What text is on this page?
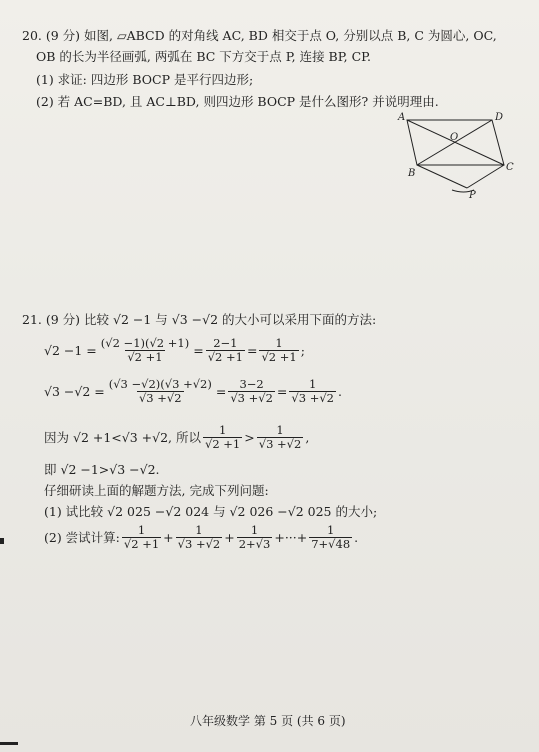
20. (9 分) 如图, ▱ABCD 的对角线 AC, BD 相交于点 O, 分别以点 B, C 为圆心, OC,
OB 的长为半径画弧, 两弧在 BC 下方交于点 P, 连接 BP, CP.
(1) 求证: 四边形 BOCP 是平行四边形;
(2) 若 AC=BD, 且 AC⊥BD, 则四边形 BOCP 是什么图形? 并说明理由.
A	D
O
B
C
P
21. (9 分) 比较 √2 −1 与 √3 −√2 的大小可以采用下面的方法:
$√2 -1 = \frac{(√2 -1)(√2 +1)}{√2 +1} = \frac{2-1}{√2 +1} = \frac{1}{√2 +1}$ ;
$√3 -√2 = \frac{(√3 -√2)(√3 +√2)}{√3 +√2} = \frac{3-2}{√3 +√2} = \frac{1}{√3 +√2}$ .
因为 √2 +1<√3 +√2, 所以 $\frac{1}{√2 +1} > \frac{1}{√3 +√2}$ ,
即 √2 −1>√3 −√2.
仔细研读上面的解题方法, 完成下列问题:
(1) 试比较 √2 025 −√2 024 与 √2 026 −√2 025 的大小;
(2) 尝试计算: $\frac{1}{√2 +1} + \frac{1}{√3 +√2} + \frac{1}{2+√3}$ +···+ $\frac{1}{7+√48}$ .
八年级数学 第 5 页 (共 6 页)
